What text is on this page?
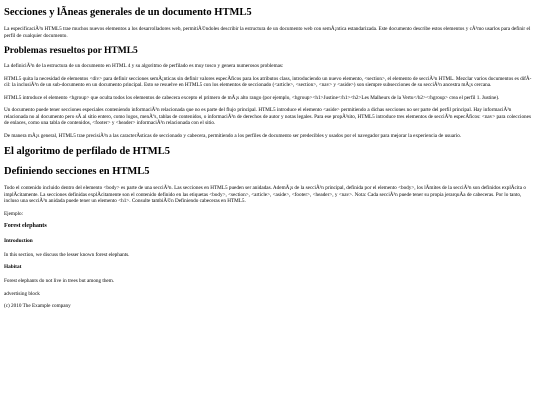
Secciones y lÃneas generales de un documento HTML5

La especificaciÃ³n HTML5 trae muchos nuevos elementos a los desarrolladores web, permitiÃ©ndoles describir la estructura de un documento web con semÃ¡ntica estandarizada. Este documento describe estos elementos y cÃ³mo usarlos para definir el perfil de cualquier documento.

Problemas resueltos por HTML5

La definiciÃ³n de la estructura de un documento en HTML 4 y su algoritmo de perfilado es muy tosco y genera numerosos problemas:

HTML5 quita la necesidad de elementos <div> para definir secciones semÃ¡nticas sin definir valores especÃficos para los atributos class, introduciendo un nuevo elemento, <section>, el elemento de secciÃ³n HTML. Mezclar varios documentos es difÃcil: la inclusiÃ³n de un sub-documento en un documento principal. Esto se resuelve en HTML5 con los elementos de seccionado (<article>, <section>, <nav> y <aside>) son siempre subsecciones de su secciÃ³n ancestra mÃ¡s cercana.

HTML5 introduce el elemento <hgroup> que oculta todos los elementos de cabecera excepto el primero de mÃ¡s alto rango (por ejemplo, <hgroup><h1>Justine</h1><h2>Les Malheurs de la Vertu</h2></hgroup> crea el perfil 1. Justine).

Un documento puede tener secciones especiales conteniendo informaciÃ³n relacionada que no es parte del flujo principal. HTML5 introduce el elemento <aside> permitiendo a dichas secciones no ser parte del perfil principal. Hay informaciÃ³n relacionada no al documento pero sÃ al sitio entero, como logos, menÃºs, tablas de contenidos, o informaciÃ³n de derechos de autor y notas legales. Para ese propÃ³sito, HTML5 introduce tres elementos de secciÃ³n especÃficos: <nav> para colecciones de enlaces, como una tabla de contenidos, <footer> y <header> informaciÃ³n relacionada con el sitio.

De manera mÃ¡s general, HTML5 trae precisiÃ³n a las caracterÃsticas de seccionado y cabecera, permitiendo a los perfiles de documento ser predecibles y usados por el navegador para mejorar la experiencia de usuario.

El algoritmo de perfilado de HTML5
Definiendo secciones en HTML5

Todo el contenido incluido dentro del elemento <body> es parte de una secciÃ³n. Las secciones en HTML5 pueden ser anidadas. AdemÃ¡s de la secciÃ³n principal, definida por el elemento <body>, los lÃmites de la secciÃ³n son definidos explÃcita o implÃcitamente. La secciones definidas explÃcitamente son el contenido definido en las etiquetas <body>, <section>, <article>, <aside>, <footer>, <header>, y <nav>. Nota: Cada secciÃ³n puede tener su propia jerarquÃa de cabeceras. Por lo tanto, incluso una secciÃ³n anidada puede tener un elemento <h1>. Consulte tambiÃ©n Definiendo cabeceras en HTML5.

Ejemplo:

Forest elephants
Introduction

In this section, we discuss the lesser known forest elephants.

Habitat

Forest elephants do not live in trees but among them.

advertising block

(c) 2010 The Example company
